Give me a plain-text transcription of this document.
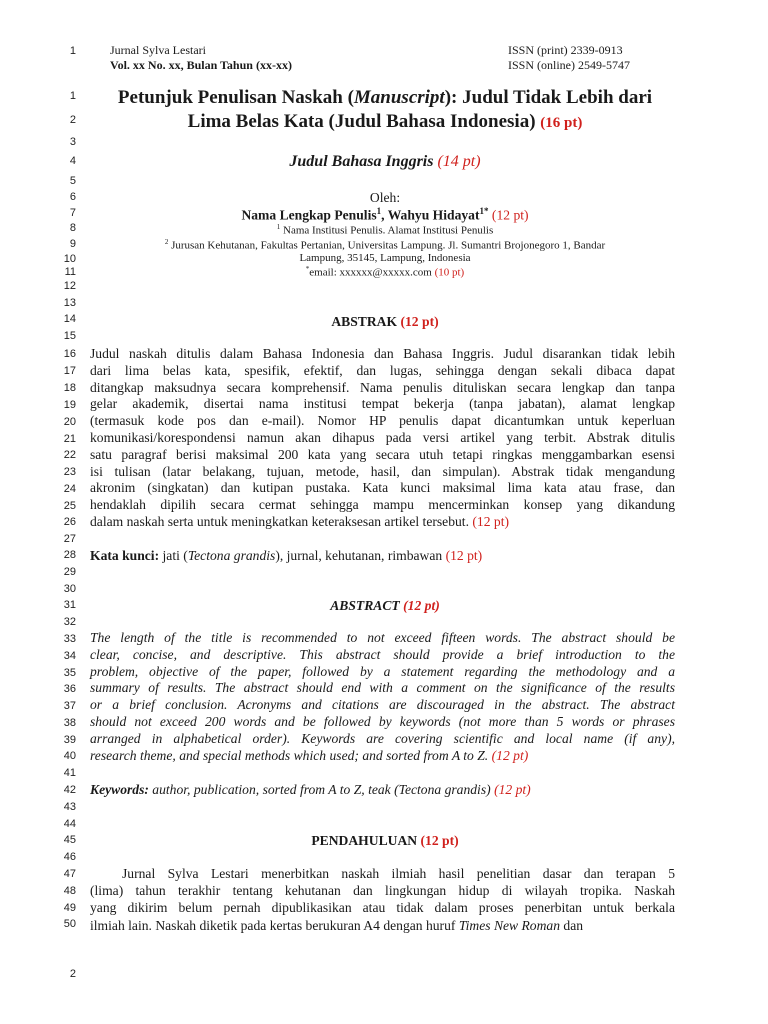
1	Jurnal Sylva Lestari
Vol. xx No. xx, Bulan Tahun (xx-xx)
ISSN (print) 2339-0913
ISSN (online) 2549-5747
1
2
3
4
5
6
7
8
9
10
11
12
13
14
15
16
17
18
19
20
21
22
23
24
25
26
27
28
29
30
31
32
33
34
35
36
37
38
39
40
41
42
43
44
45
46
47
48
49
50
Petunjuk Penulisan Naskah (Manuscript): Judul Tidak Lebih dari
Lima Belas Kata (Judul Bahasa Indonesia) (16 pt)
Judul Bahasa Inggris (14 pt)
Oleh:
Nama Lengkap Penulis$^1$, Wahyu Hidayat$^{1*}$ (12 pt)
$^1$ Nama Institusi Penulis. Alamat Institusi Penulis
$^2$ Jurusan Kehutanan, Fakultas Pertanian, Universitas Lampung. Jl. Sumantri Brojonegoro 1, Bandar
Lampung, 35145, Lampung, Indonesia
*email: xxxxxx@xxxxx.com (10 pt)
ABSTRAK (12 pt)
Judul naskah ditulis dalam Bahasa Indonesia dan Bahasa Inggris. Judul disarankan tidak lebih
dari lima belas kata, spesifik, efektif, dan lugas, sehingga dengan sekali dibaca dapat
ditangkap maksudnya secara komprehensif. Nama penulis dituliskan secara lengkap dan tanpa
gelar akademik, disertai nama institusi tempat bekerja (tanpa jabatan), alamat lengkap
(termasuk kode pos dan e-mail). Nomor HP penulis dapat dicantumkan untuk keperluan
komunikasi/korespondensi namun akan dihapus pada versi artikel yang terbit. Abstrak ditulis
satu paragraf berisi maksimal 200 kata yang secara utuh tetapi ringkas menggambarkan esensi
isi tulisan (latar belakang, tujuan, metode, hasil, dan simpulan). Abstrak tidak mengandung
akronim (singkatan) dan kutipan pustaka. Kata kunci maksimal lima kata atau frase, dan
hendaklah dipilih secara cermat sehingga mampu mencerminkan konsep yang dikandung
dalam naskah serta untuk meningkatkan keteraksesan artikel tersebut. (12 pt)
Kata kunci: jati (Tectona grandis), jurnal, kehutanan, rimbawan (12 pt)
ABSTRACT (12 pt)
The length of the title is recommended to not exceed fifteen words. The abstract should be
clear, concise, and descriptive. This abstract should provide a brief introduction to the
problem, objective of the paper, followed by a statement regarding the methodology and a
summary of results. The abstract should end with a comment on the significance of the results
or a brief conclusion. Acronyms and citations are discouraged in the abstract. The abstract
should not exceed 200 words and be followed by keywords (not more than 5 words or phrases
arranged in alphabetical order). Keywords are covering scientific and local name (if any),
research theme, and special methods which used; and sorted from A to Z. (12 pt)
Keywords: author, publication, sorted from A to Z, teak (Tectona grandis) (12 pt)
PENDAHULUAN (12 pt)
Jurnal Sylva Lestari menerbitkan naskah ilmiah hasil penelitian dasar dan terapan 5
(lima) tahun terakhir tentang kehutanan dan lingkungan hidup di wilayah tropika. Naskah
yang dikirim belum pernah dipublikasikan atau tidak dalam proses penerbitan untuk berkala
ilmiah lain. Naskah diketik pada kertas berukuran A4 dengan huruf Times New Roman dan
2
